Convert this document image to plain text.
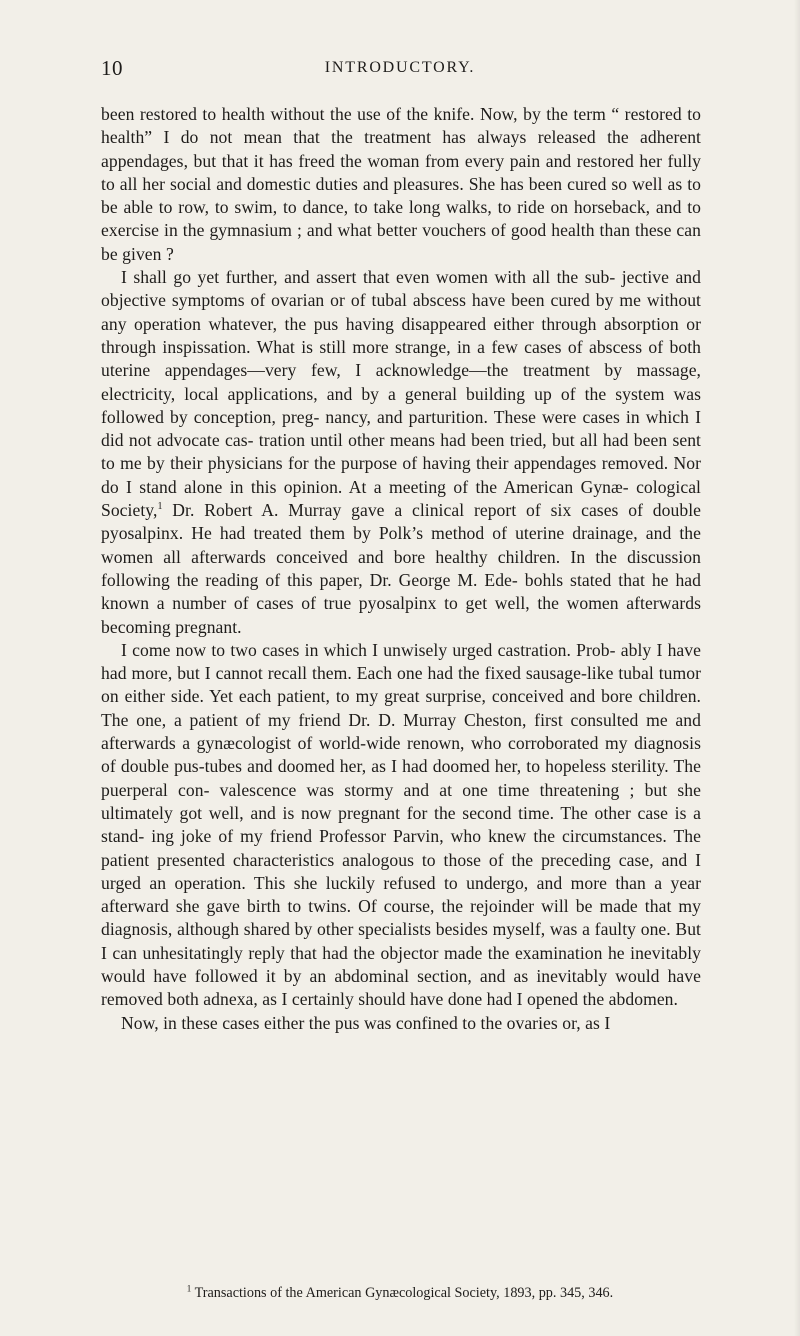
10	INTRODUCTORY.

been restored to health without the use of the knife. Now, by the term “ restored to health” I do not mean that the treatment has always released the adherent appendages, but that it has freed the woman from every pain and restored her fully to all her social and domestic duties and pleasures. She has been cured so well as to be able to row, to swim, to dance, to take long walks, to ride on horseback, and to exercise in the gymnasium ; and what better vouchers of good health than these can be given ?

I shall go yet further, and assert that even women with all the sub- jective and objective symptoms of ovarian or of tubal abscess have been cured by me without any operation whatever, the pus having disappeared either through absorption or through inspissation. What is still more strange, in a few cases of abscess of both uterine appendages—very few, I acknowledge—the treatment by massage, electricity, local applications, and by a general building up of the system was followed by conception, preg- nancy, and parturition. These were cases in which I did not advocate cas- tration until other means had been tried, but all had been sent to me by their physicians for the purpose of having their appendages removed. Nor do I stand alone in this opinion. At a meeting of the American Gynæ- cological Society,$^1$ Dr. Robert A. Murray gave a clinical report of six cases of double pyosalpinx. He had treated them by Polk’s method of uterine drainage, and the women all afterwards conceived and bore healthy children. In the discussion following the reading of this paper, Dr. George M. Ede- bohls stated that he had known a number of cases of true pyosalpinx to get well, the women afterwards becoming pregnant.

I come now to two cases in which I unwisely urged castration. Prob- ably I have had more, but I cannot recall them. Each one had the fixed sausage-like tubal tumor on either side. Yet each patient, to my great surprise, conceived and bore children. The one, a patient of my friend Dr. D. Murray Cheston, first consulted me and afterwards a gynæcologist of world-wide renown, who corroborated my diagnosis of double pus-tubes and doomed her, as I had doomed her, to hopeless sterility. The puerperal con- valescence was stormy and at one time threatening ; but she ultimately got well, and is now pregnant for the second time. The other case is a stand- ing joke of my friend Professor Parvin, who knew the circumstances. The patient presented characteristics analogous to those of the preceding case, and I urged an operation. This she luckily refused to undergo, and more than a year afterward she gave birth to twins. Of course, the rejoinder will be made that my diagnosis, although shared by other specialists besides myself, was a faulty one. But I can unhesitatingly reply that had the objector made the examination he inevitably would have followed it by an abdominal section, and as inevitably would have removed both adnexa, as I certainly should have done had I opened the abdomen.

Now, in these cases either the pus was confined to the ovaries or, as I

$^1$ Transactions of the American Gynæcological Society, 1893, pp. 345, 346.
